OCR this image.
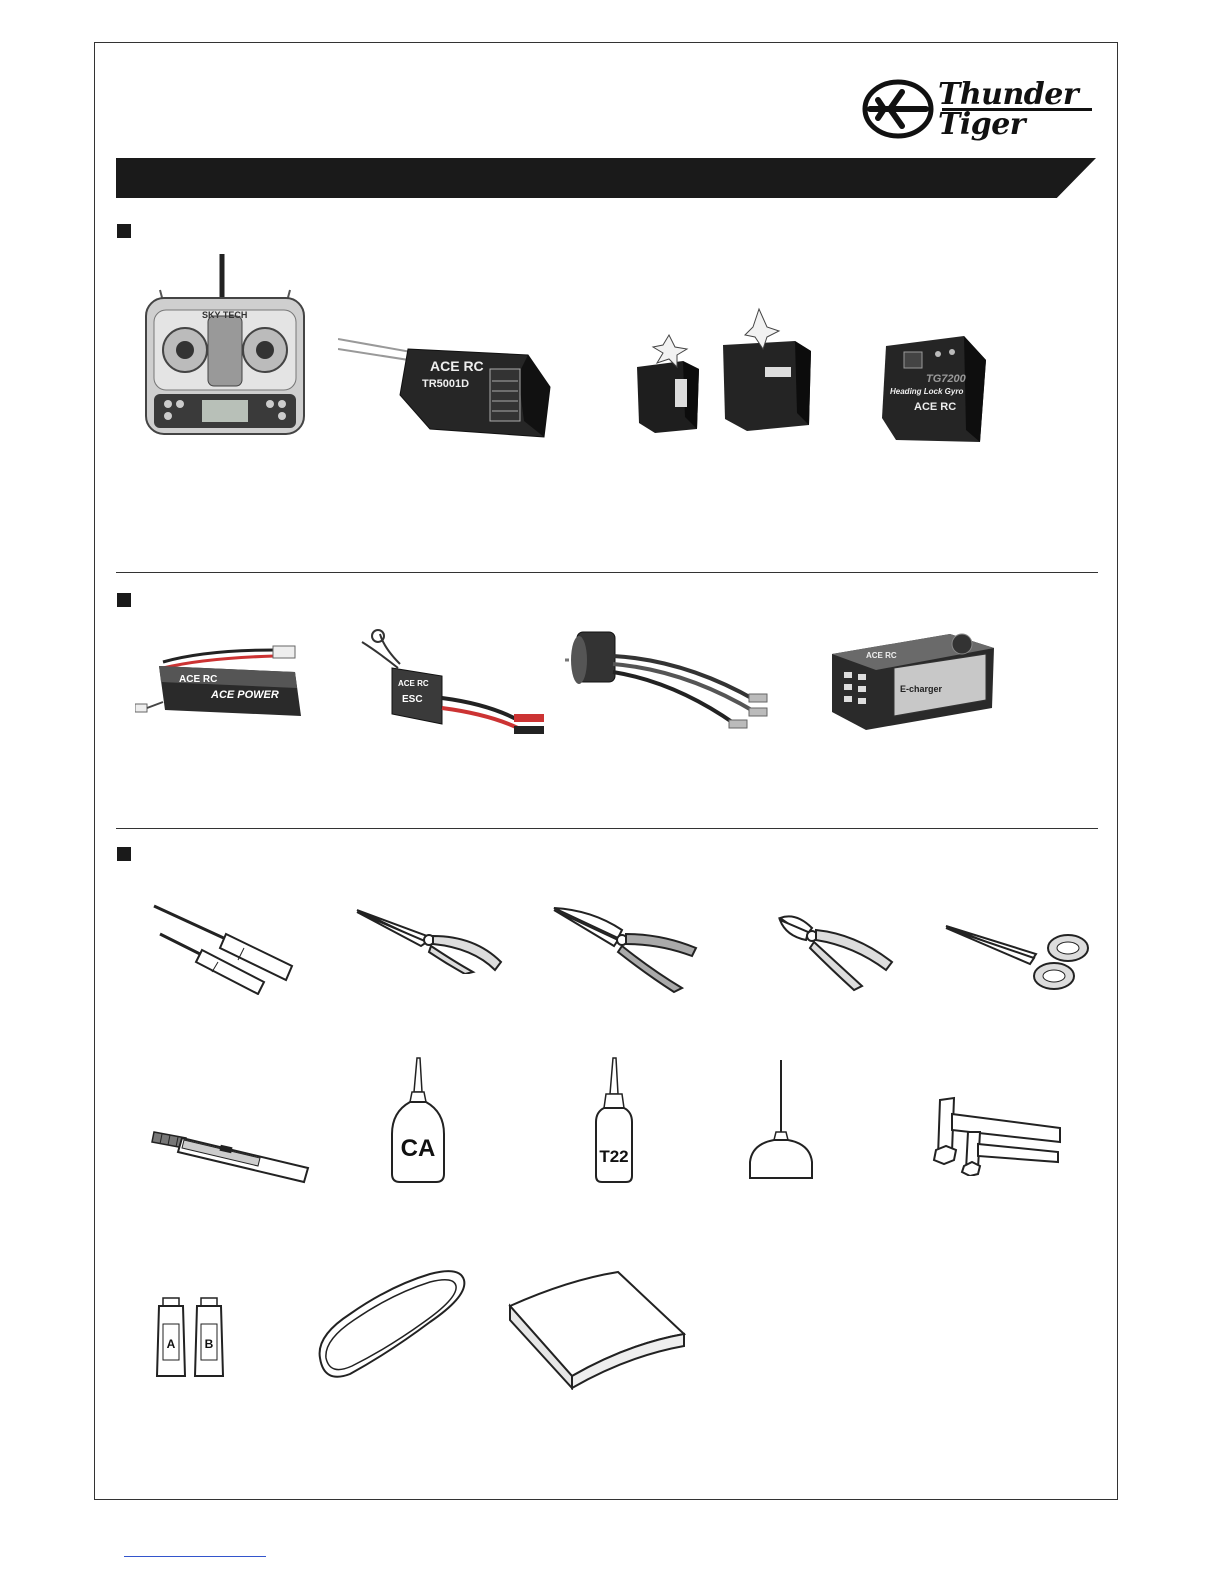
Thunder
Tiger
SKY TECH
ACE RC
TR5001D	TG7200
Heading Lock Gyro
ACE RC
ACE RC
ACE POWER
ACE RC
ESC
ACE RC
E-charger
CA	T22
A B
